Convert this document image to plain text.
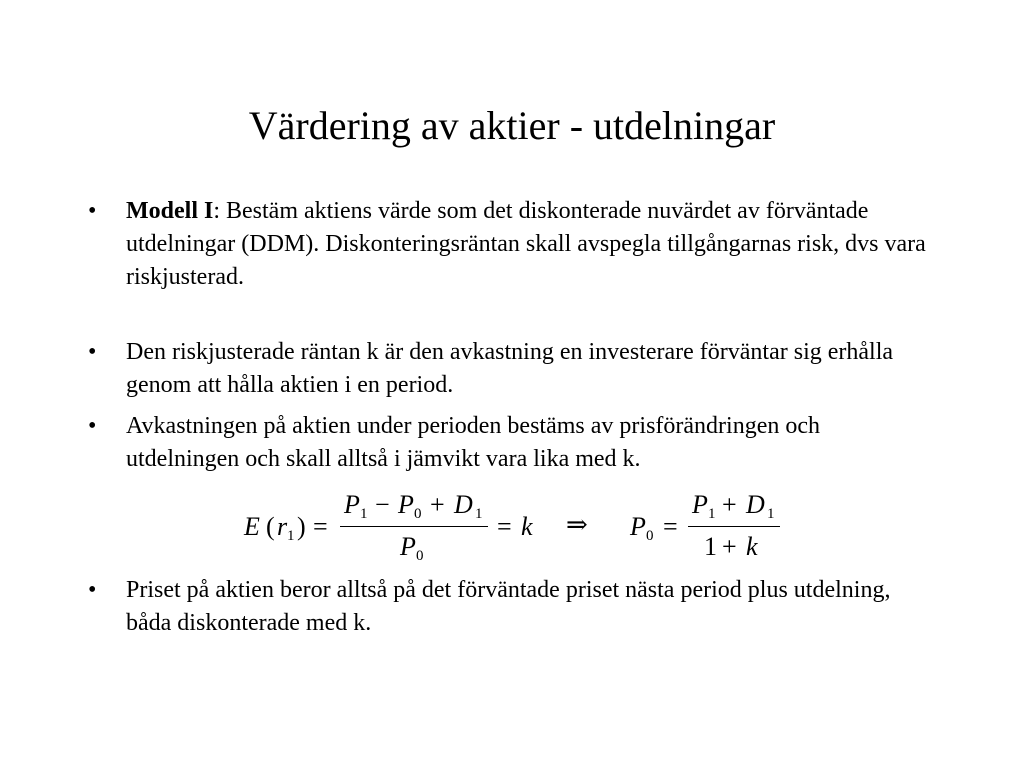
Värdering av aktier - utdelningar
• Modell I: Bestäm aktiens värde som det diskonterade nuvärdet av förväntade utdelningar (DDM). Diskonteringsräntan skall avspegla tillgångarnas risk, dvs vara riskjusterad.
• Den riskjusterade räntan k är den avkastning en investerare förväntar sig erhålla genom att hålla aktien i en period.
• Avkastningen på aktien under perioden bestäms av prisförändringen och utdelningen och skall alltså i jämvikt vara lika med k.
• Priset på aktien beror alltså på det förväntade priset nästa period plus utdelning, båda diskonterade med k.
E ( r 1 ) =
P 1 − P 0 + D 1
P 0
= k ⇒ P 0 =
P 1 + D 1
1 + k
